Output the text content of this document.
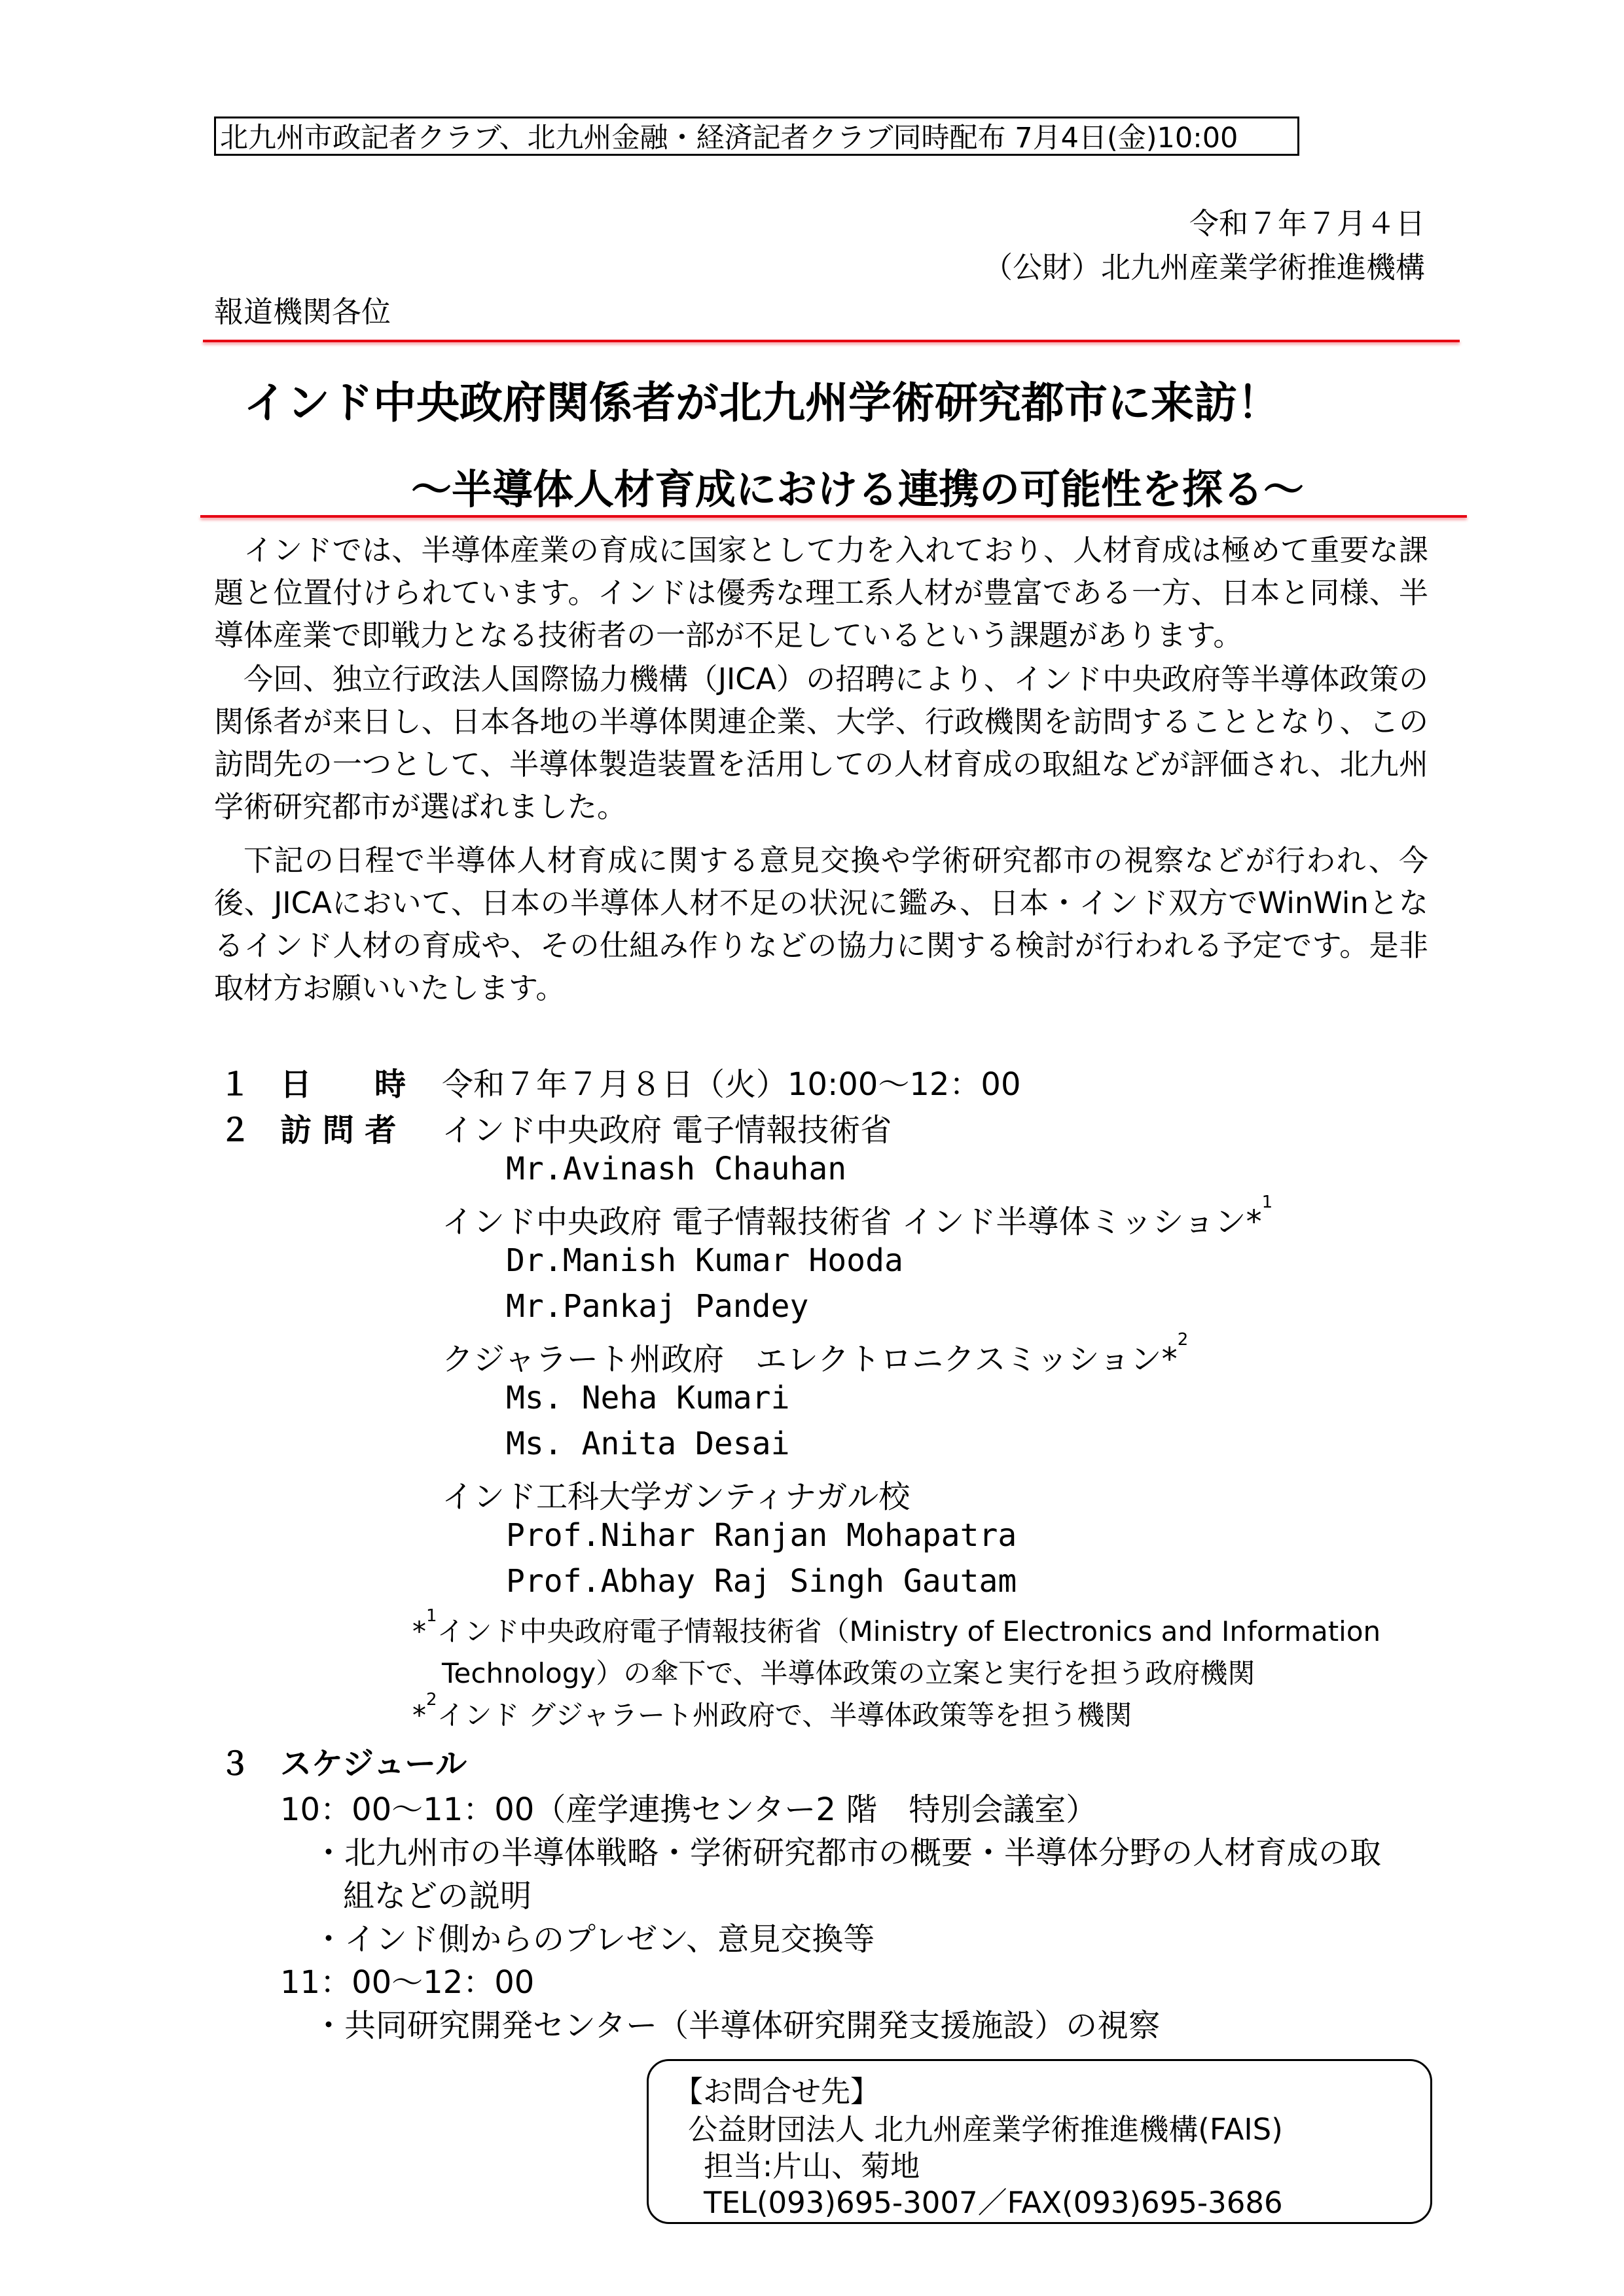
北九州市政記者クラブ、北九州金融・経済記者クラブ同時配布 7月4日(金)10:00
令和７年７月４日
（公財）北九州産業学術推進機構
報道機関各位
インド中央政府関係者が北九州学術研究都市に来訪！
～半導体人材育成における連携の可能性を探る～

インドでは、半導体産業の育成に国家として力を入れており、人材育成は極めて重要な課題と位置付けられています。インドは優秀な理工系人材が豊富である一方、日本と同様、半導体産業で即戦力となる技術者の一部が不足しているという課題があります。

今回、独立行政法人国際協力機構（JICA）の招聘により、インド中央政府等半導体政策の関係者が来日し、日本各地の半導体関連企業、大学、行政機関を訪問することとなり、この訪問先の一つとして、半導体製造装置を活用しての人材育成の取組などが評価され、北九州学術研究都市が選ばれました。

下記の日程で半導体人材育成に関する意見交換や学術研究都市の視察などが行われ、今後、JICAにおいて、日本の半導体人材不足の状況に鑑み、日本・インド双方でWinWinとなるインド人材の育成や、その仕組み作りなどの協力に関する検討が行われる予定です。是非取材方お願いいたします。

１ 日　　時 令和７年７月８日（火）10:00～12：00
２ 訪 問 者 インド中央政府 電子情報技術省
Mr.Avinash Chauhan
インド中央政府 電子情報技術省 インド半導体ミッション*$^1$
Dr.Manish Kumar Hooda
Mr.Pankaj Pandey
クジャラート州政府　エレクトロニクスミッション*$^2$
Ms. Neha Kumari
Ms. Anita Desai
インド工科大学ガンティナガル校
Prof.Nihar Ranjan Mohapatra
Prof.Abhay Raj Singh Gautam
*$^1$インド中央政府電子情報技術省（Ministry of Electronics and Information
Technology）の傘下で、半導体政策の立案と実行を担う政府機関
*$^2$インド グジャラート州政府で、半導体政策等を担う機関
３ スケジュール
10：00～11：00（産学連携センター2 階　特別会議室）
・北九州市の半導体戦略・学術研究都市の概要・半導体分野の人材育成の取
組などの説明
・インド側からのプレゼン、意見交換等
11：00～12：00
・共同研究開発センター（半導体研究開発支援施設）の視察
【お問合せ先】
公益財団法人 北九州産業学術推進機構(FAIS)
担当:片山、菊地
TEL(093)695-3007／FAX(093)695-3686
